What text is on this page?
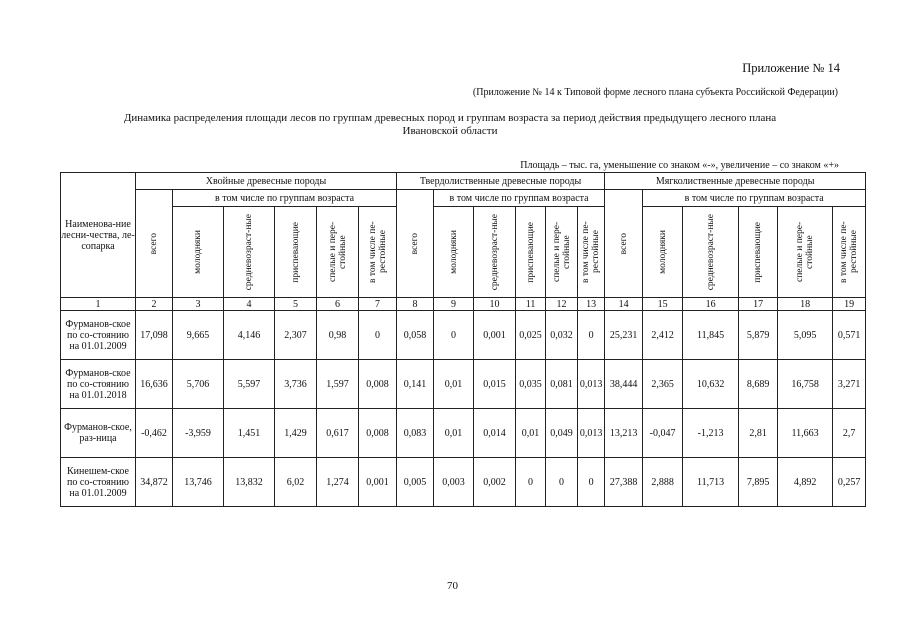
Приложение № 14
(Приложение № 14 к Типовой форме лесного плана субъекта Российской Федерации)
Динамика распределения площади лесов по группам древесных пород и группам возраста за период действия предыдущего лесного плана Ивановской области
Площадь – тыс. га, уменьшение со знаком «-», увеличение – со знаком «+»
Наименова-ние лесни-чества, ле-сопарка	Хвойные древесные породы						Твердолиственные древесные породы						Мягколиственные древесные породы					

	всего	в том числе по группам возраста					всего	в том числе по группам возраста					всего	в том числе по группам возраста				

		молодняки	средневозраст-ные	приспевающие	спелые и пере-стойные	в том числе пе-рестойные		молодняки	средневозраст-ные	приспевающие	спелые и пере-стойные	в том числе пе-рестойные		молодняки	средневозраст-ные	приспевающие	спелые и пере-стойные	в том числе пе-рестойные

1	2	3	4	5	6	7	8	9	10	11	12	13	14	15	16	17	18	19
Фурманов-ское по со-стоянию на 01.01.2009	17,098	9,665	4,146	2,307	0,98	0	0,058	0	0,001	0,025	0,032	0	25,231	2,412	11,845	5,879	5,095	0,571
Фурманов-ское по со-стоянию на 01.01.2018	16,636	5,706	5,597	3,736	1,597	0,008	0,141	0,01	0,015	0,035	0,081	0,013	38,444	2,365	10,632	8,689	16,758	3,271
Фурманов-ское, раз-ница	-0,462	-3,959	1,451	1,429	0,617	0,008	0,083	0,01	0,014	0,01	0,049	0,013	13,213	-0,047	-1,213	2,81	11,663	2,7
Кинешем-ское по со-стоянию на 01.01.2009	34,872	13,746	13,832	6,02	1,274	0,001	0,005	0,003	0,002	0	0	0	27,388	2,888	11,713	7,895	4,892	0,257
70
